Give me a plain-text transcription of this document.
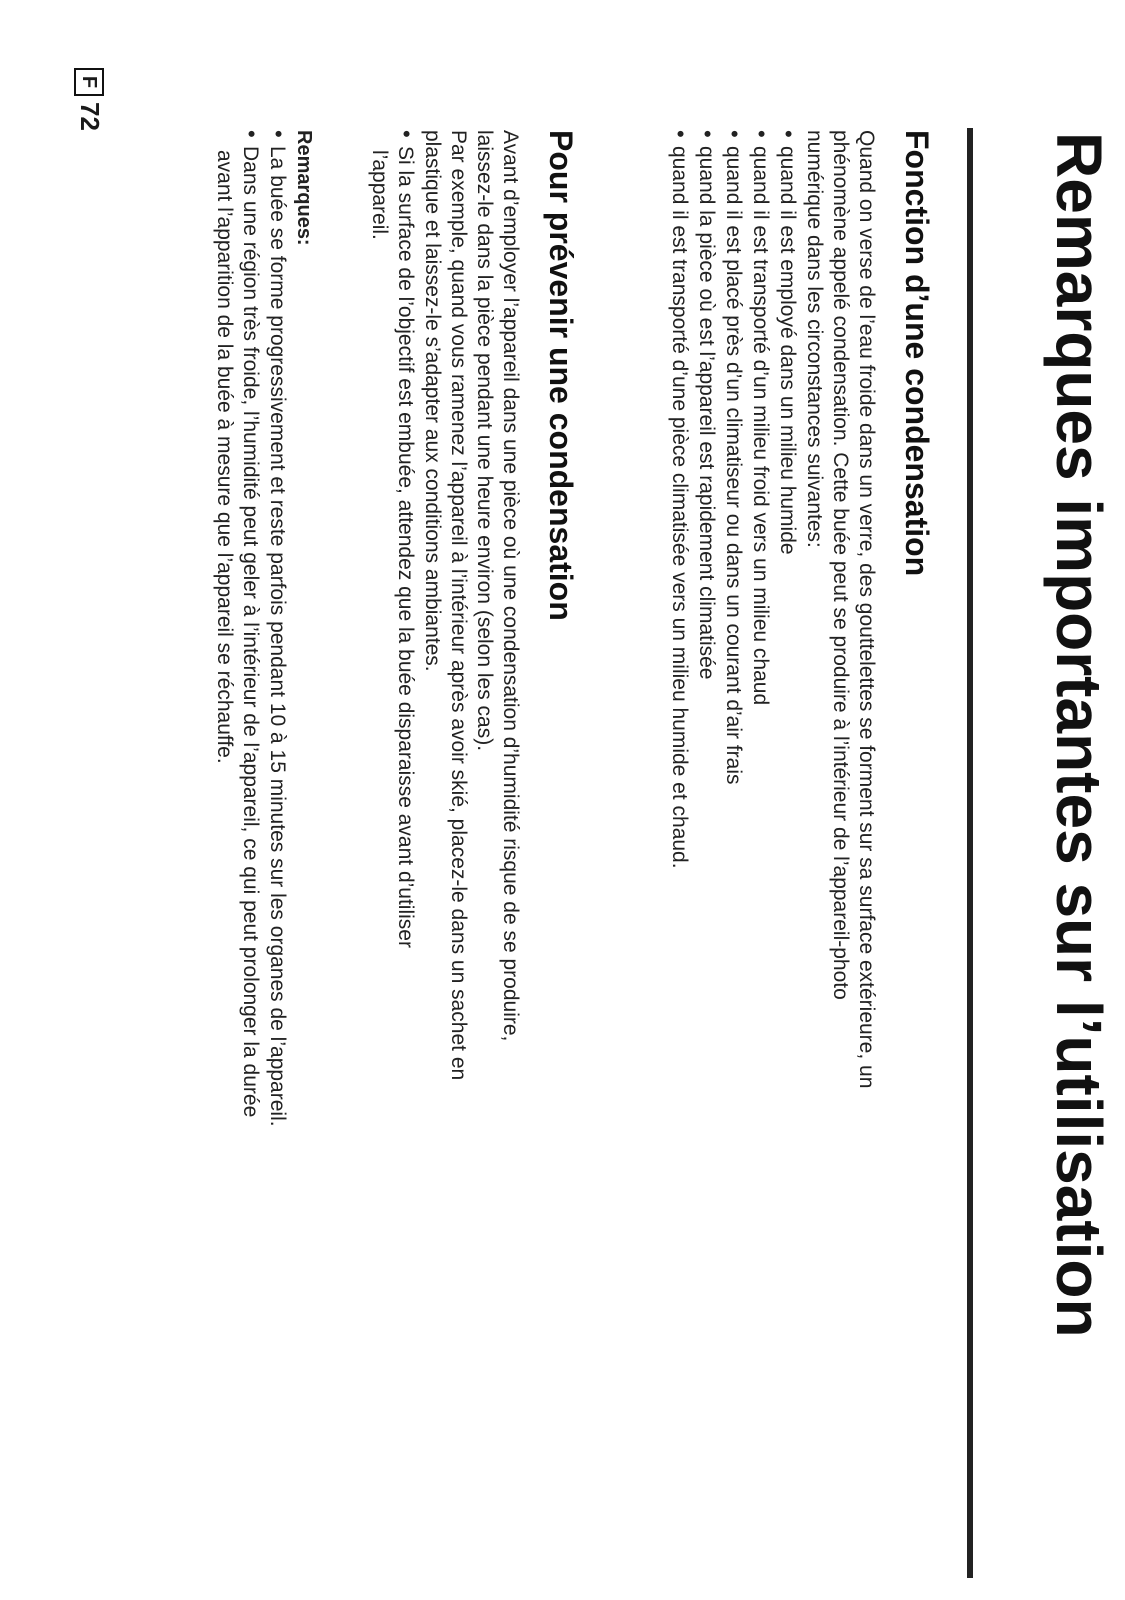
Remarques importantes sur l’utilisation
Fonction d’une condensation

Quand on verse de l’eau froide dans un verre, des gouttelettes se forment sur sa surface extérieure, un

phénomène appelé condensation. Cette buée peut se produire à l’intérieur de l’appareil-photo

numérique dans les circonstances suivantes:

• quand il est employé dans un milieu humide

• quand il est transporté d’un milieu froid vers un milieu chaud

• quand il est placé près d’un climatiseur ou dans un courant d’air frais

• quand la pièce où est l’appareil est rapidement climatisée

• quand il est transporté d’une pièce climatisée vers un milieu humide et chaud.

Pour prévenir une condensation

Avant d’employer l’appareil dans une pièce où une condensation d’humidité risque de se produire,

laissez-le dans la pièce pendant une heure environ (selon les cas).

Par exemple, quand vous ramenez l’appareil à l’intérieur après avoir skié, placez-le dans un sachet en

plastique et laissez-le s’adapter aux conditions ambiantes.

• Si la surface de l’objectif est embuée, attendez que la buée disparaisse avant d’utiliser

l’appareil.

Remarques:

• La buée se forme progressivement et reste parfois pendant 10 à 15 minutes sur les organes de l’appareil.

• Dans une région très froide, l’humidité peut geler à l’intérieur de l’appareil, ce qui peut prolonger la durée

avant l’apparition de la buée à mesure que l’appareil se réchauffe.

F
72
